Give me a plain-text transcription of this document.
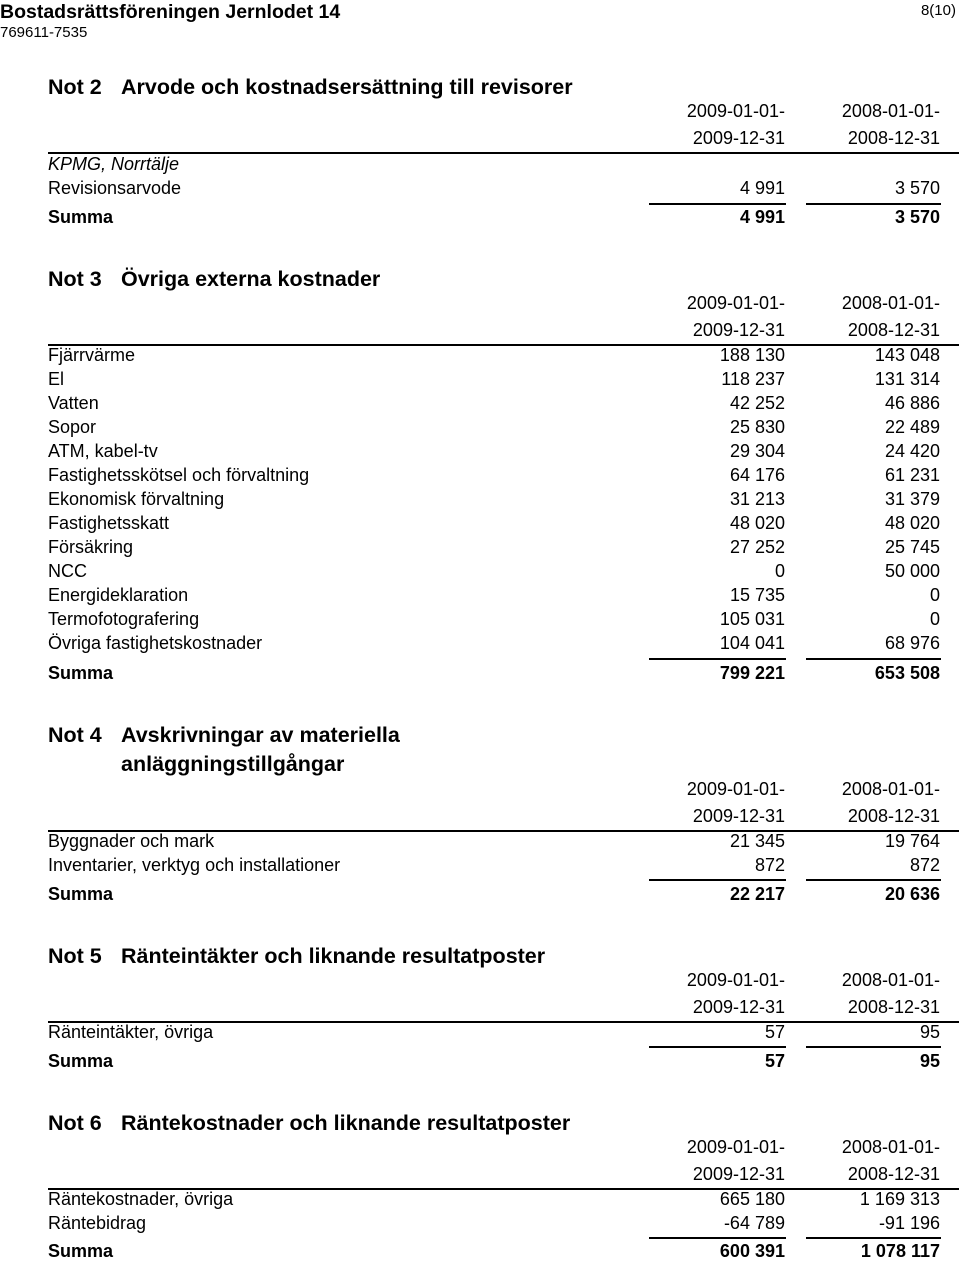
Bostadsrättsföreningen Jernlodet 14
769611-7535
8(10)
Not 2 Arvode och kostnadsersättning till revisorer
2009-01-01-	2008-01-01-
2009-12-31	2008-12-31
KPMG, Norrtälje
Revisionsarvode	4 991	3 570
Summa	4 991	3 570
Not 3 Övriga externa kostnader
2009-01-01-	2008-01-01-
2009-12-31	2008-12-31
Fjärrvärme	188 130	143 048
El	118 237	131 314
Vatten	42 252	46 886
Sopor	25 830	22 489
ATM, kabel-tv	29 304	24 420
Fastighetsskötsel och förvaltning	64 176	61 231
Ekonomisk förvaltning	31 213	31 379
Fastighetsskatt	48 020	48 020
Försäkring	27 252	25 745
NCC	0	50 000
Energideklaration	15 735	0
Termofotografering	105 031	0
Övriga fastighetskostnader	104 041	68 976
Summa	799 221	653 508
Not 4 Avskrivningar av materiella
anläggningstillgångar
2009-01-01-	2008-01-01-
2009-12-31	2008-12-31
Byggnader och mark	21 345	19 764
Inventarier, verktyg och installationer	872	872
Summa	22 217	20 636
Not 5 Ränteintäkter och liknande resultatposter
2009-01-01-	2008-01-01-
2009-12-31	2008-12-31
Ränteintäkter, övriga	57	95
Summa	57	95
Not 6 Räntekostnader och liknande resultatposter
2009-01-01-	2008-01-01-
2009-12-31	2008-12-31
Räntekostnader, övriga	665 180	1 169 313
Räntebidrag	-64 789	-91 196
Summa	600 391	1 078 117
